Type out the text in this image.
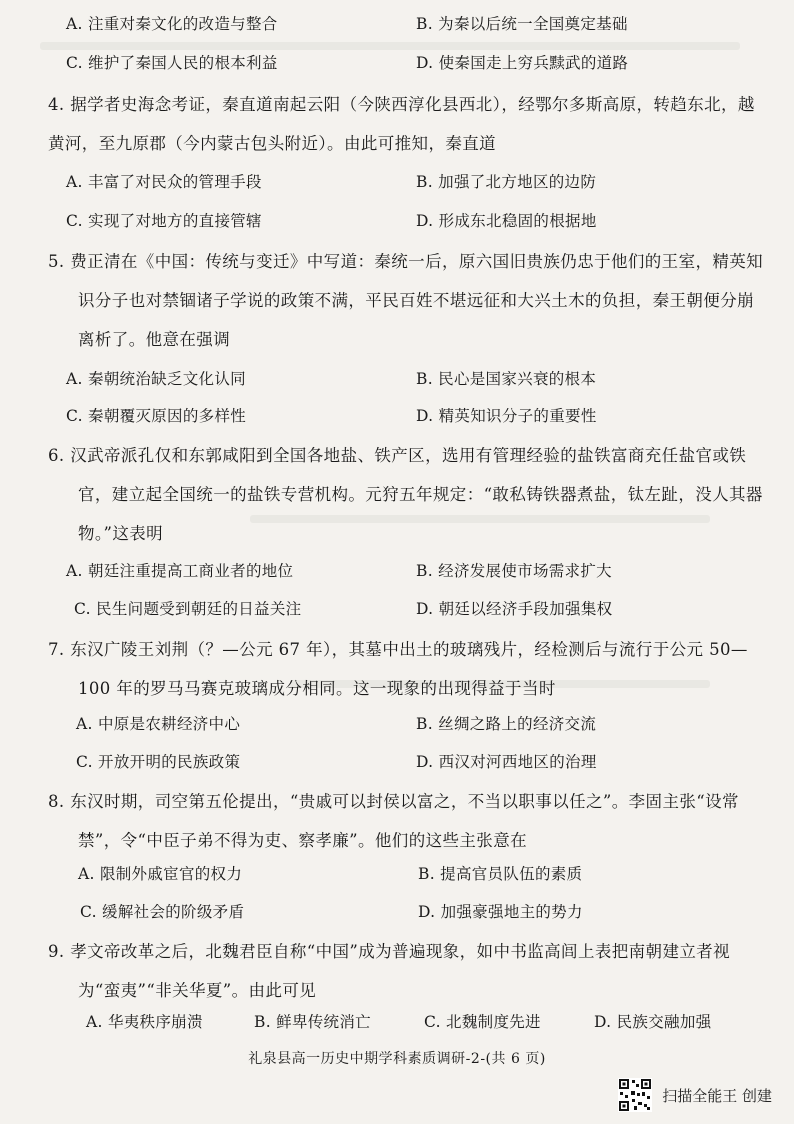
A. 注重对秦文化的改造与整合	B. 为秦以后统一全国奠定基础
C. 维护了秦国人民的根本利益	D. 使秦国走上穷兵黩武的道路
4. 据学者史海念考证，秦直道南起云阳（今陕西淳化县西北），经鄂尔多斯高原，转趋东北，越
黄河，至九原郡（今内蒙古包头附近）。由此可推知，秦直道
A. 丰富了对民众的管理手段	B. 加强了北方地区的边防
C. 实现了对地方的直接管辖	D. 形成东北稳固的根据地
5. 费正清在《中国：传统与变迁》中写道：秦统一后，原六国旧贵族仍忠于他们的王室，精英知
识分子也对禁锢诸子学说的政策不满，平民百姓不堪远征和大兴土木的负担，秦王朝便分崩
离析了。他意在强调
A. 秦朝统治缺乏文化认同	B. 民心是国家兴衰的根本
C. 秦朝覆灭原因的多样性	D. 精英知识分子的重要性
6. 汉武帝派孔仅和东郭咸阳到全国各地盐、铁产区，选用有管理经验的盐铁富商充任盐官或铁
官，建立起全国统一的盐铁专营机构。元狩五年规定：“敢私铸铁器煮盐，钛左趾，没人其器
物。”这表明
A. 朝廷注重提高工商业者的地位	B. 经济发展使市场需求扩大
C. 民生问题受到朝廷的日益关注	D. 朝廷以经济手段加强集权
7. 东汉广陵王刘荆（？—公元 67 年），其墓中出土的玻璃残片，经检测后与流行于公元 50—
100 年的罗马马赛克玻璃成分相同。这一现象的出现得益于当时
A. 中原是农耕经济中心	B. 丝绸之路上的经济交流
C. 开放开明的民族政策	D. 西汉对河西地区的治理
8. 东汉时期，司空第五伦提出，“贵戚可以封侯以富之，不当以职事以任之”。李固主张“设常
禁”，令“中臣子弟不得为吏、察孝廉”。他们的这些主张意在
A. 限制外戚宦官的权力	B. 提高官员队伍的素质
C. 缓解社会的阶级矛盾	D. 加强豪强地主的势力
9. 孝文帝改革之后，北魏君臣自称“中国”成为普遍现象，如中书监高闾上表把南朝建立者视
为“蛮夷”“非关华夏”。由此可见
A. 华夷秩序崩溃	B. 鲜卑传统消亡	C. 北魏制度先进	D. 民族交融加强
礼泉县高一历史中期学科素质调研-2-(共 6 页)
扫描全能王 创建
